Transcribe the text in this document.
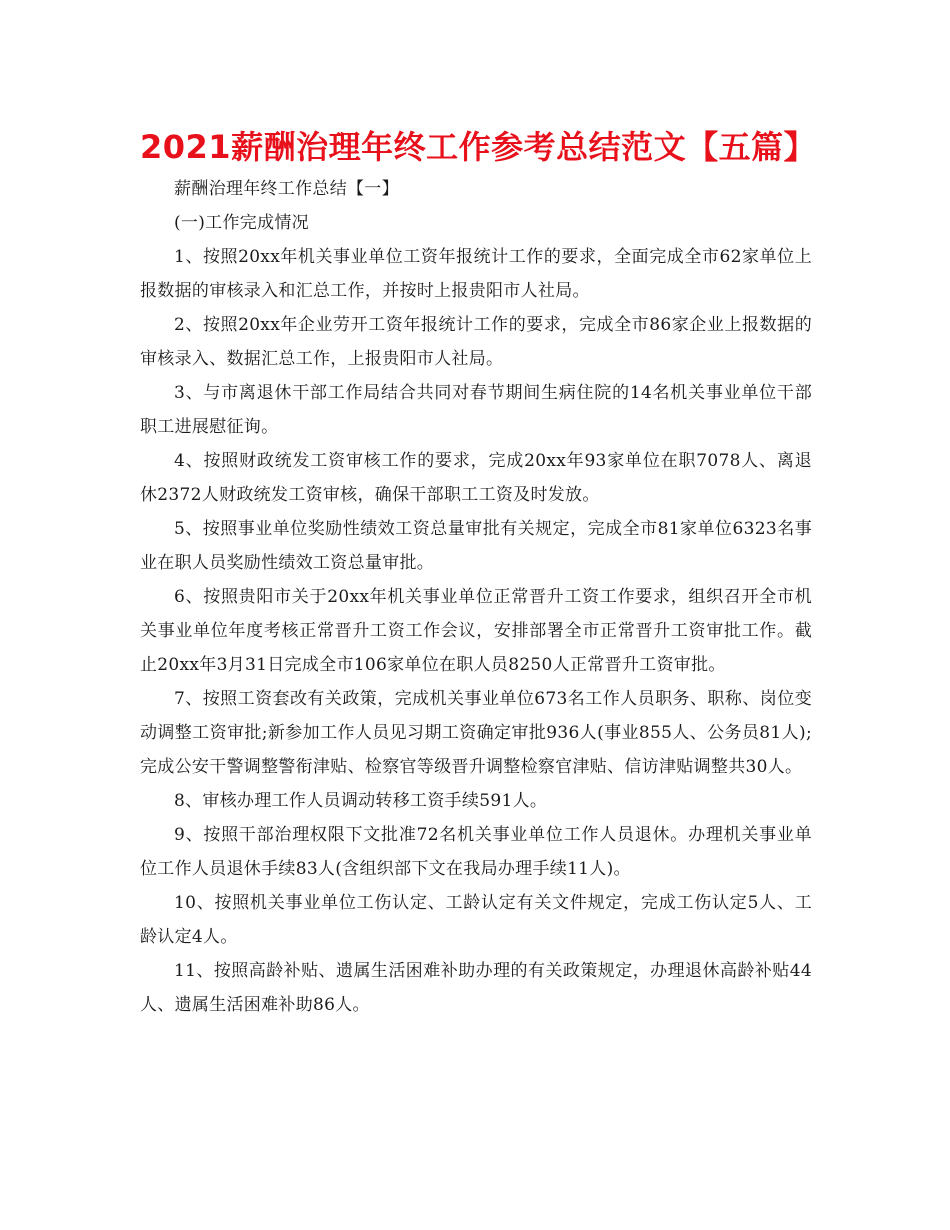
2021薪酬治理年终工作参考总结范文【五篇】

薪酬治理年终工作总结【一】

(一)工作完成情况

1、按照20xx年机关事业单位工资年报统计工作的要求，全面完成全市62家单位上报数据的审核录入和汇总工作，并按时上报贵阳市人社局。

2、按照20xx年企业劳开工资年报统计工作的要求，完成全市86家企业上报数据的审核录入、数据汇总工作，上报贵阳市人社局。

3、与市离退休干部工作局结合共同对春节期间生病住院的14名机关事业单位干部职工进展慰征询。

4、按照财政统发工资审核工作的要求，完成20xx年93家单位在职7078人、离退休2372人财政统发工资审核，确保干部职工工资及时发放。

5、按照事业单位奖励性绩效工资总量审批有关规定，完成全市81家单位6323名事业在职人员奖励性绩效工资总量审批。

6、按照贵阳市关于20xx年机关事业单位正常晋升工资工作要求，组织召开全市机关事业单位年度考核正常晋升工资工作会议，安排部署全市正常晋升工资审批工作。截止20xx年3月31日完成全市106家单位在职人员8250人正常晋升工资审批。

7、按照工资套改有关政策，完成机关事业单位673名工作人员职务、职称、岗位变动调整工资审批;新参加工作人员见习期工资确定审批936人(事业855人、公务员81人);完成公安干警调整警衔津贴、检察官等级晋升调整检察官津贴、信访津贴调整共30人。

8、审核办理工作人员调动转移工资手续591人。

9、按照干部治理权限下文批准72名机关事业单位工作人员退休。办理机关事业单位工作人员退休手续83人(含组织部下文在我局办理手续11人)。

10、按照机关事业单位工伤认定、工龄认定有关文件规定，完成工伤认定5人、工龄认定4人。

11、按照高龄补贴、遗属生活困难补助办理的有关政策规定，办理退休高龄补贴44人、遗属生活困难补助86人。
